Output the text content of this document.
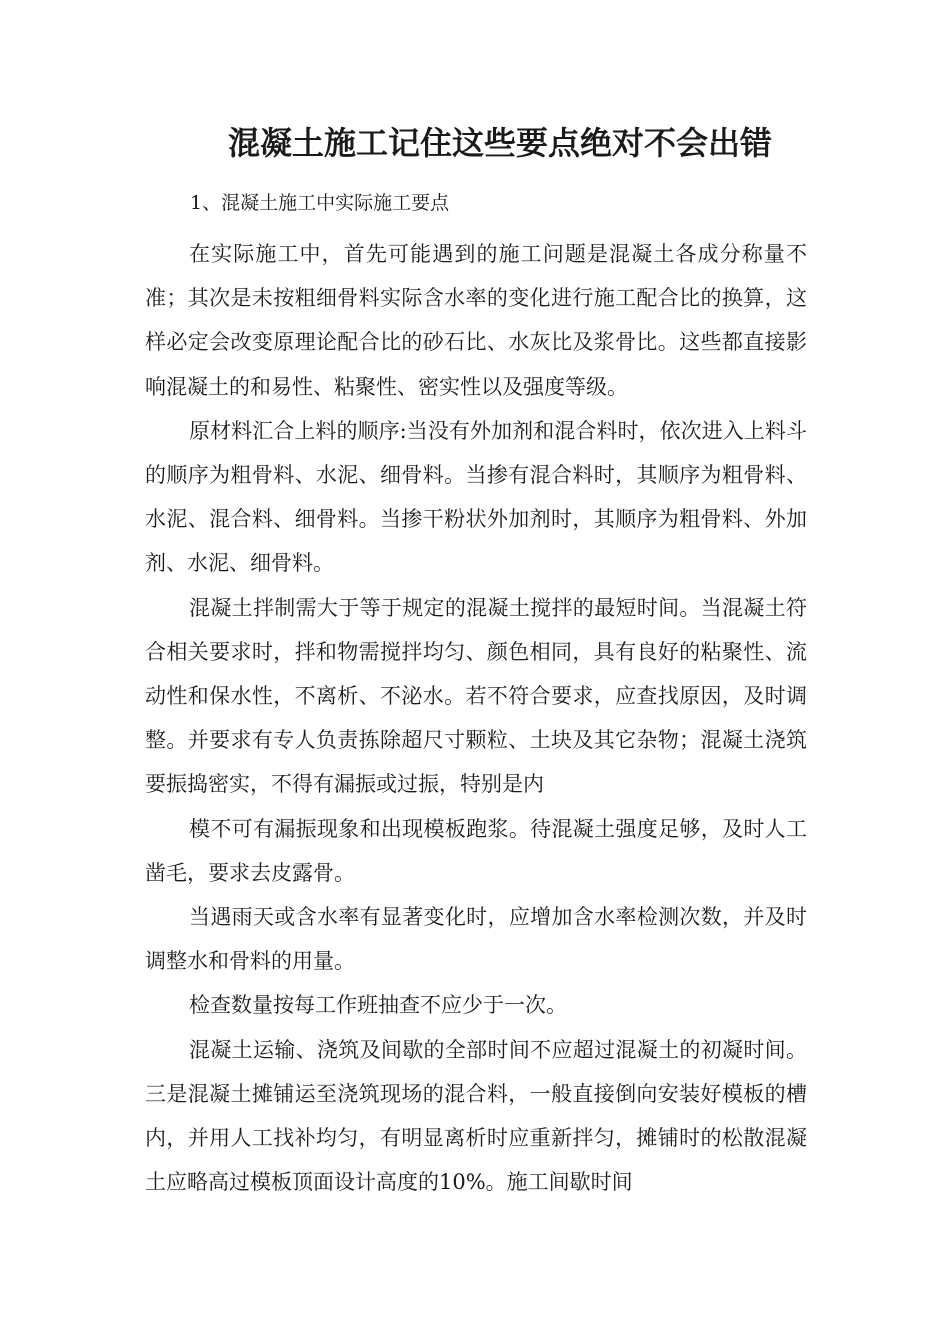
混凝土施工记住这些要点绝对不会出错

1、混凝土施工中实际施工要点

在实际施工中，首先可能遇到的施工问题是混凝土各成分称量不准；其次是未按粗细骨料实际含水率的变化进行施工配合比的换算，这样必定会改变原理论配合比的砂石比、水灰比及浆骨比。这些都直接影响混凝土的和易性、粘聚性、密实性以及强度等级。

原材料汇合上料的顺序:当没有外加剂和混合料时，依次进入上料斗的顺序为粗骨料、水泥、细骨料。当掺有混合料时，其顺序为粗骨料、水泥、混合料、细骨料。当掺干粉状外加剂时，其顺序为粗骨料、外加剂、水泥、细骨料。

混凝土拌制需大于等于规定的混凝土搅拌的最短时间。当混凝土符合相关要求时，拌和物需搅拌均匀、颜色相同，具有良好的粘聚性、流动性和保水性，不离析、不泌水。若不符合要求，应查找原因，及时调整。并要求有专人负责拣除超尺寸颗粒、土块及其它杂物；混凝土浇筑要振捣密实，不得有漏振或过振，特别是内

模不可有漏振现象和出现模板跑浆。待混凝土强度足够，及时人工凿毛，要求去皮露骨。

当遇雨天或含水率有显著变化时，应增加含水率检测次数，并及时调整水和骨料的用量。

检查数量按每工作班抽查不应少于一次。

混凝土运输、浇筑及间歇的全部时间不应超过混凝土的初凝时间。三是混凝土摊铺运至浇筑现场的混合料，一般直接倒向安装好模板的槽内，并用人工找补均匀，有明显离析时应重新拌匀，摊铺时的松散混凝土应略高过模板顶面设计高度的10%。施工间歇时间
